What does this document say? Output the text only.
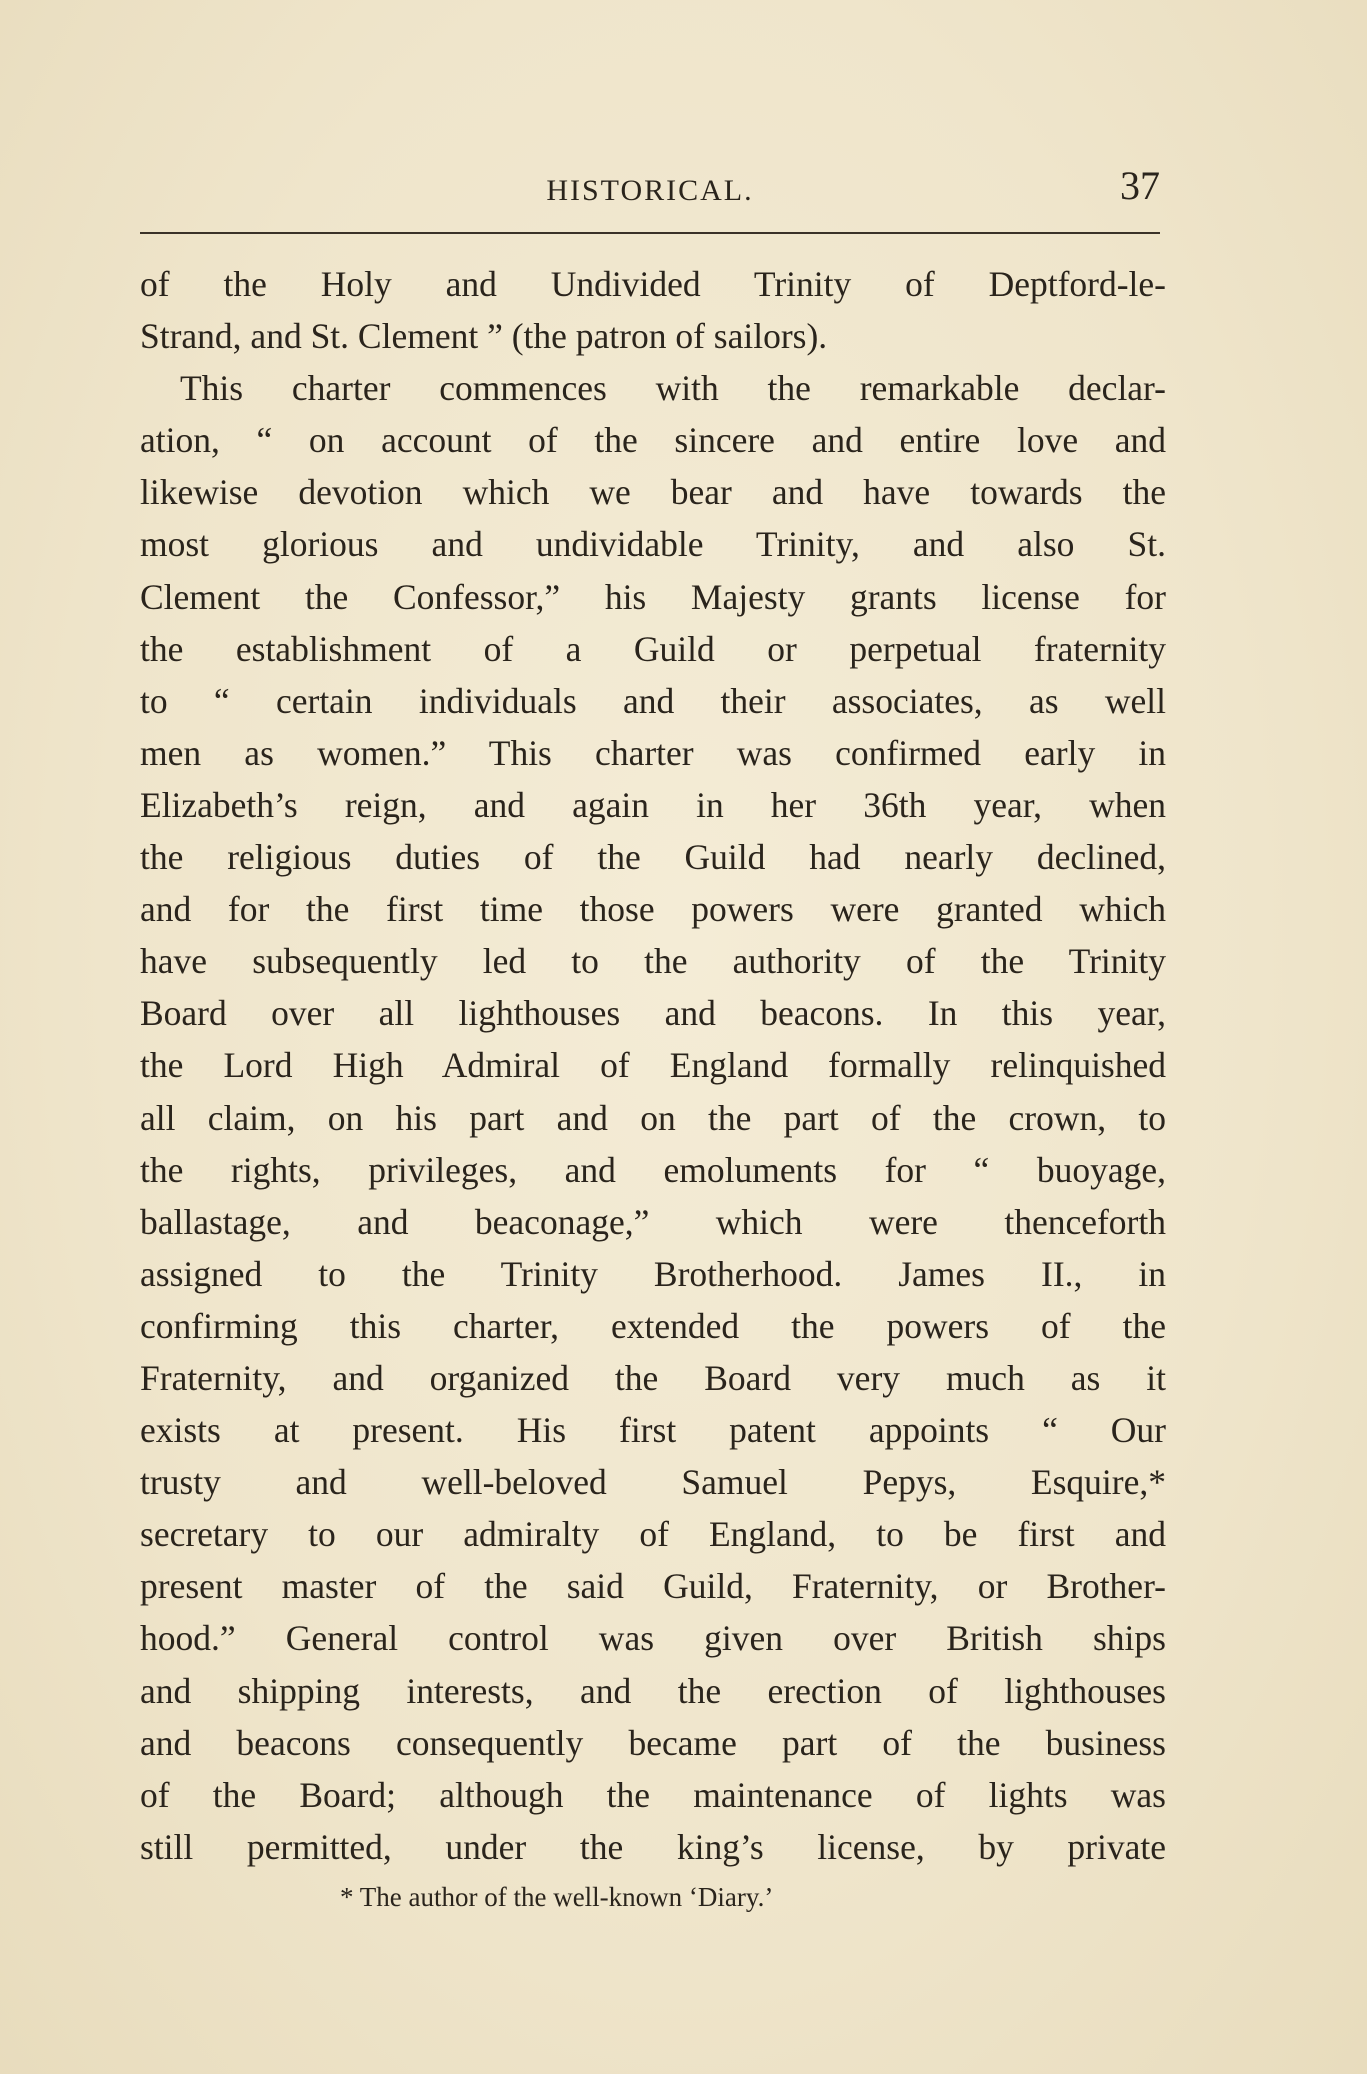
HISTORICAL.	37
of the Holy and Undivided Trinity of Deptford-le-
Strand, and St. Clement ” (the patron of sailors).
This charter commences with the remarkable declar-
ation, “ on account of the sincere and entire love and
likewise devotion which we bear and have towards the
most glorious and undividable Trinity, and also St.
Clement the Confessor,” his Majesty grants license for
the establishment of a Guild or perpetual fraternity
to “ certain individuals and their associates, as well
men as women.” This charter was confirmed early in
Elizabeth’s reign, and again in her 36th year, when
the religious duties of the Guild had nearly declined,
and for the first time those powers were granted which
have subsequently led to the authority of the Trinity
Board over all lighthouses and beacons. In this year,
the Lord High Admiral of England formally relinquished
all claim, on his part and on the part of the crown, to
the rights, privileges, and emoluments for “ buoyage,
ballastage, and beaconage,” which were thenceforth
assigned to the Trinity Brotherhood. James II., in
confirming this charter, extended the powers of the
Fraternity, and organized the Board very much as it
exists at present. His first patent appoints “ Our
trusty and well-beloved Samuel Pepys, Esquire,*
secretary to our admiralty of England, to be first and
present master of the said Guild, Fraternity, or Brother-
hood.” General control was given over British ships
and shipping interests, and the erection of lighthouses
and beacons consequently became part of the business
of the Board; although the maintenance of lights was
still permitted, under the king’s license, by private
* The author of the well-known ‘Diary.’
